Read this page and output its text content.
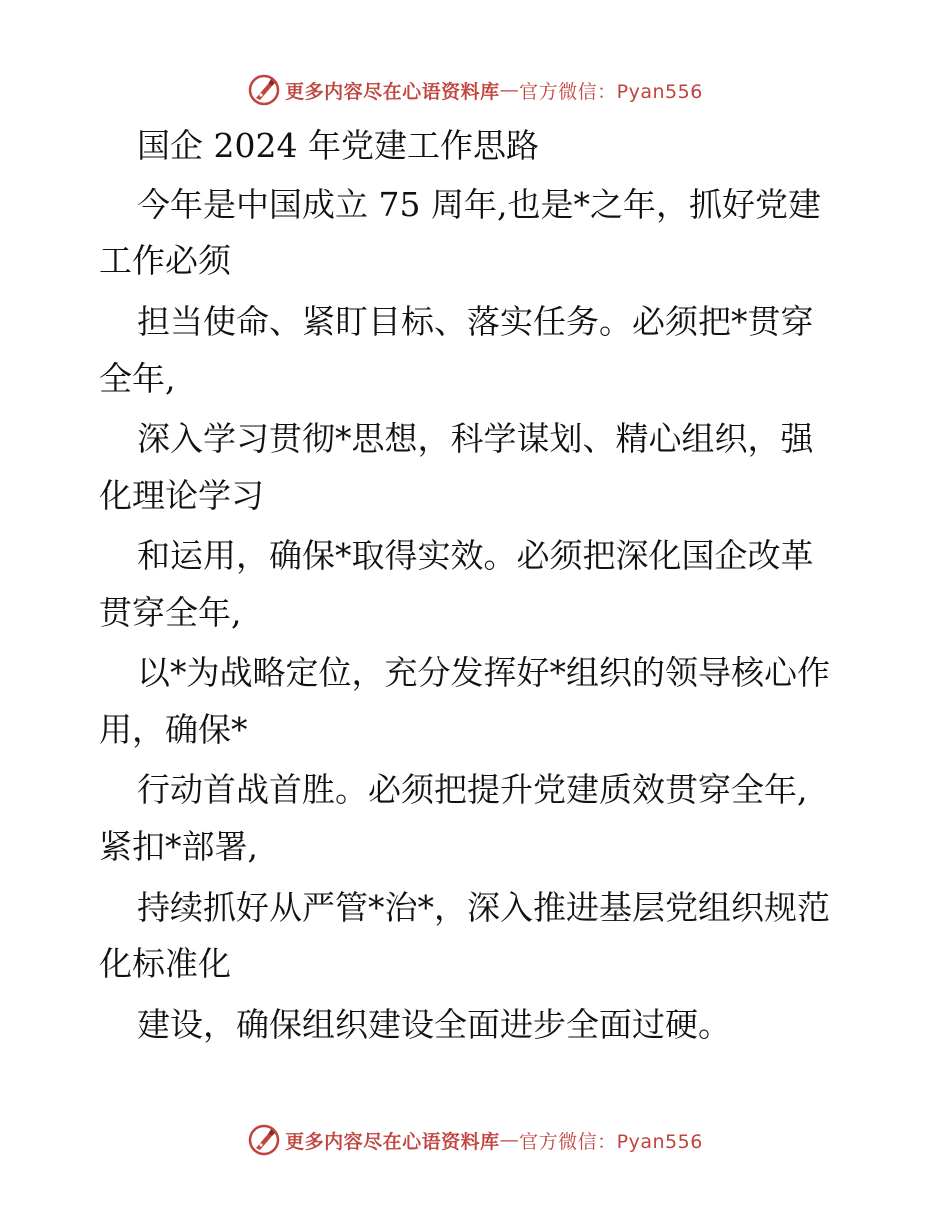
更多内容尽在心语资料库 — 官方微信：Pyan556
国企 2024 年党建工作思路
今年是中国成立 75 周年,也是*之年，抓好党建
工作必须
担当使命、紧盯目标、落实任务。必须把*贯穿
全年,
深入学习贯彻*思想，科学谋划、精心组织，强
化理论学习
和运用，确保*取得实效。必须把深化国企改革
贯穿全年,
以*为战略定位，充分发挥好*组织的领导核心作
用，确保*
行动首战首胜。必须把提升党建质效贯穿全年,
紧扣*部署,
持续抓好从严管*治*，深入推进基层党组织规范
化标准化
建设，确保组织建设全面进步全面过硬。
更多内容尽在心语资料库 — 官方微信：Pyan556
